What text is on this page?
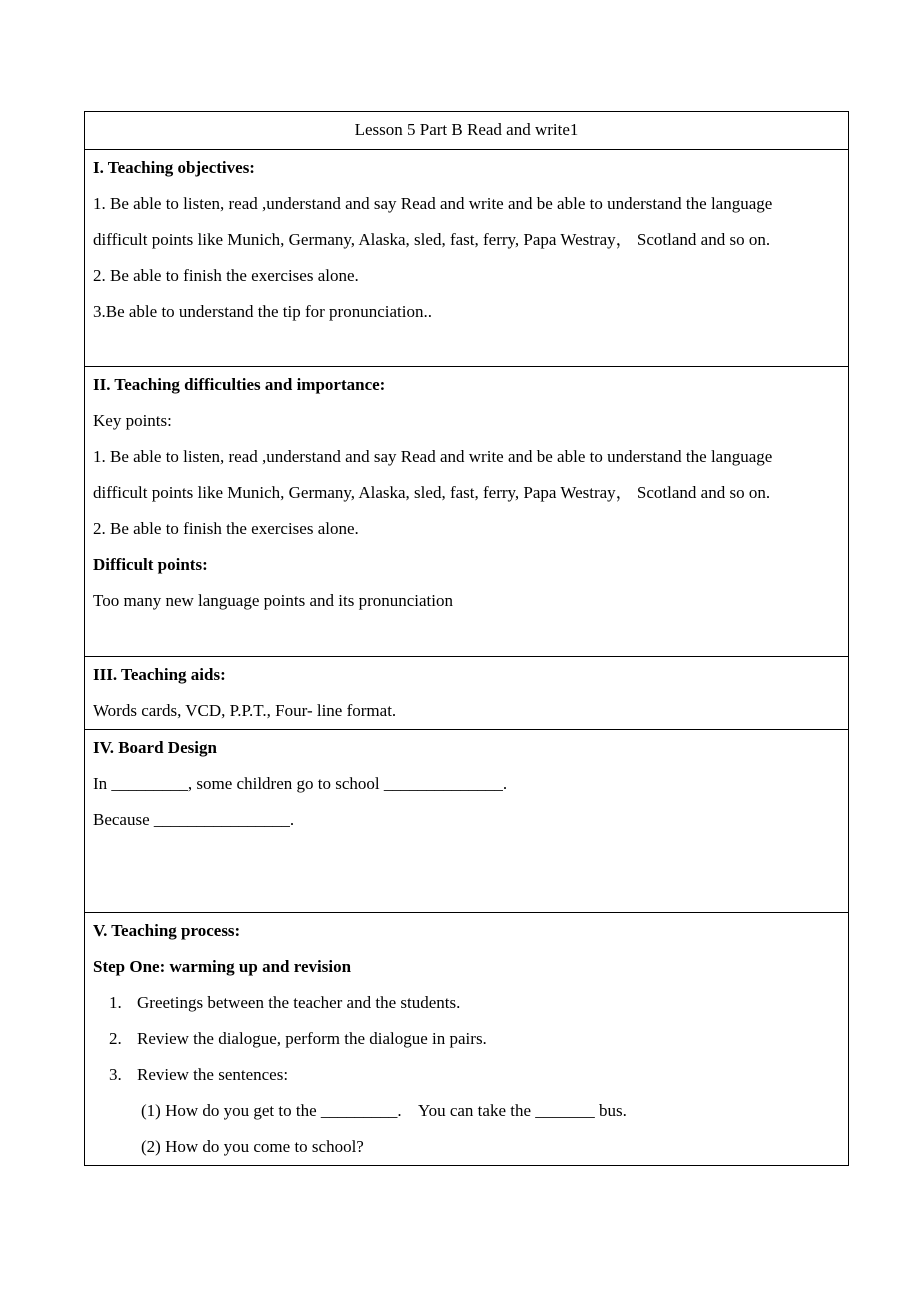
Lesson 5 Part B Read and write1
I. Teaching objectives:
1. Be able to listen, read ,understand and say Read and write and be able to understand the language
difficult points like Munich, Germany, Alaska, sled, fast, ferry, Papa Westray， Scotland and so on.
2. Be able to finish the exercises alone.
3.Be able to understand the tip for pronunciation..
II. Teaching difficulties and importance:
Key points:
1. Be able to listen, read ,understand and say Read and write and be able to understand the language
difficult points like Munich, Germany, Alaska, sled, fast, ferry, Papa Westray， Scotland and so on.
2. Be able to finish the exercises alone.
Difficult points:
Too many new language points and its pronunciation
III. Teaching aids:
Words cards, VCD, P.P.T., Four- line format.
IV. Board Design
In _________, some children go to school ______________.
Because ________________.
V. Teaching process:
Step One: warming up and revision
1. Greetings between the teacher and the students.
2. Review the dialogue, perform the dialogue in pairs.
3. Review the sentences:
(1) How do you get to the _________.    You can take the _______ bus.
(2) How do you come to school?
